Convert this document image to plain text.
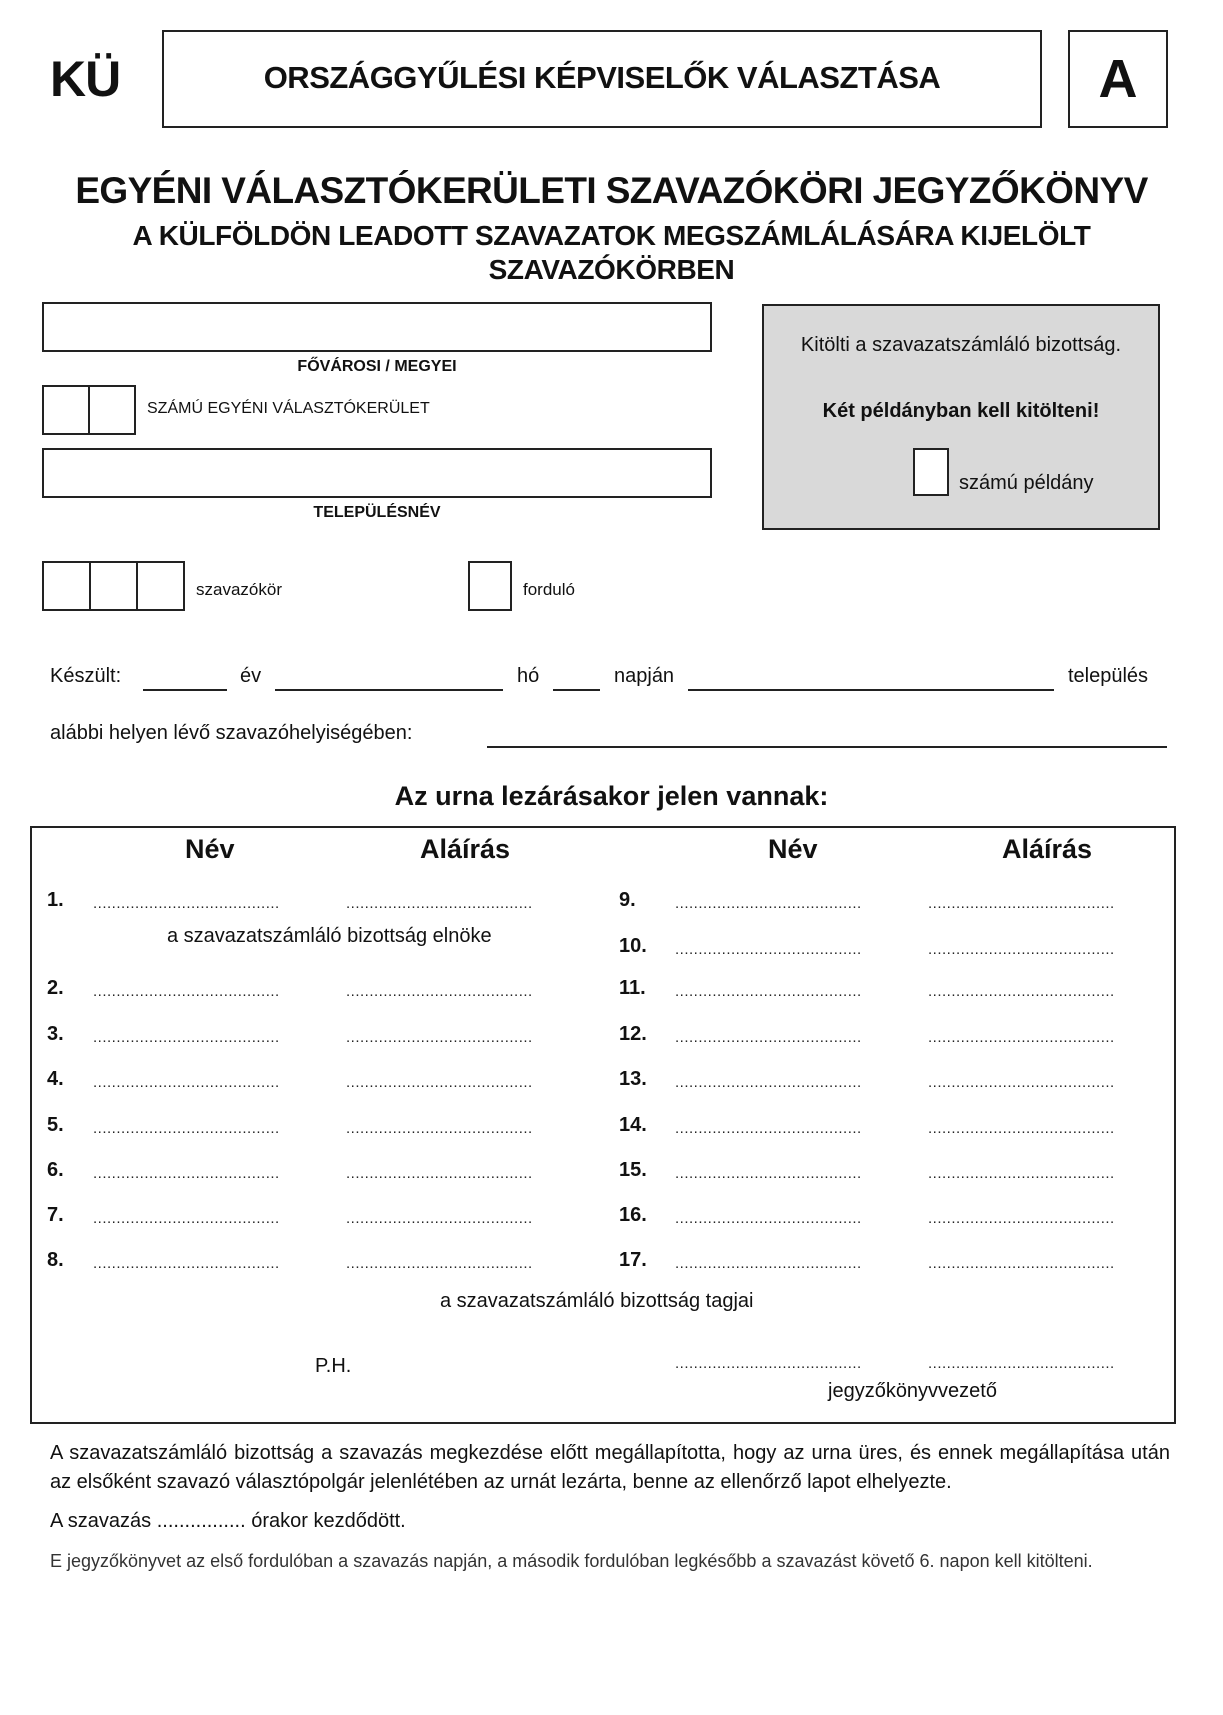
KÜ	ORSZÁGGYŰLÉSI KÉPVISELŐK VÁLASZTÁSA	A
EGYÉNI VÁLASZTÓKERÜLETI SZAVAZÓKÖRI JEGYZŐKÖNYV
A KÜLFÖLDÖN LEADOTT SZAVAZATOK MEGSZÁMLÁLÁSÁRA KIJELÖLT
SZAVAZÓKÖRBEN
FŐVÁROSI / MEGYEI
SZÁMÚ EGYÉNI VÁLASZTÓKERÜLET
TELEPÜLÉSNÉV
Kitölti a szavazatszámláló bizottság.
Két példányban kell kitölteni!
számú példány
szavazókör	forduló
Készült:	év	hó	napján	település
alábbi helyen lévő szavazóhelyiségében:
Az urna lezárásakor jelen vannak:
Név	Aláírás	Név	Aláírás
1. ........................................	........................................
2. ........................................	........................................
3. ........................................	........................................
4. ........................................	........................................
5. ........................................	........................................
6. ........................................	........................................
7. ........................................	........................................
8. ........................................	........................................
9.	........................................	........................................
10. ........................................	........................................
11. ........................................	........................................
12. ........................................	........................................
13. ........................................	........................................
14. ........................................	........................................
15. ........................................	........................................
16. ........................................	........................................
17. ........................................	........................................
a szavazatszámláló bizottság elnöke
a szavazatszámláló bizottság tagjai
P.H.	........................................	........................................
jegyzőkönyvvezető
A szavazatszámláló bizottság a szavazás megkezdése előtt megállapította, hogy az urna üres, és ennek megállapítása után az elsőként szavazó választópolgár jelenlétében az urnát lezárta, benne az ellenőrző lapot elhelyezte.
A szavazás ................ órakor kezdődött.
E jegyzőkönyvet az első fordulóban a szavazás napján, a második fordulóban legkésőbb a szavazást követő 6. napon kell kitölteni.
